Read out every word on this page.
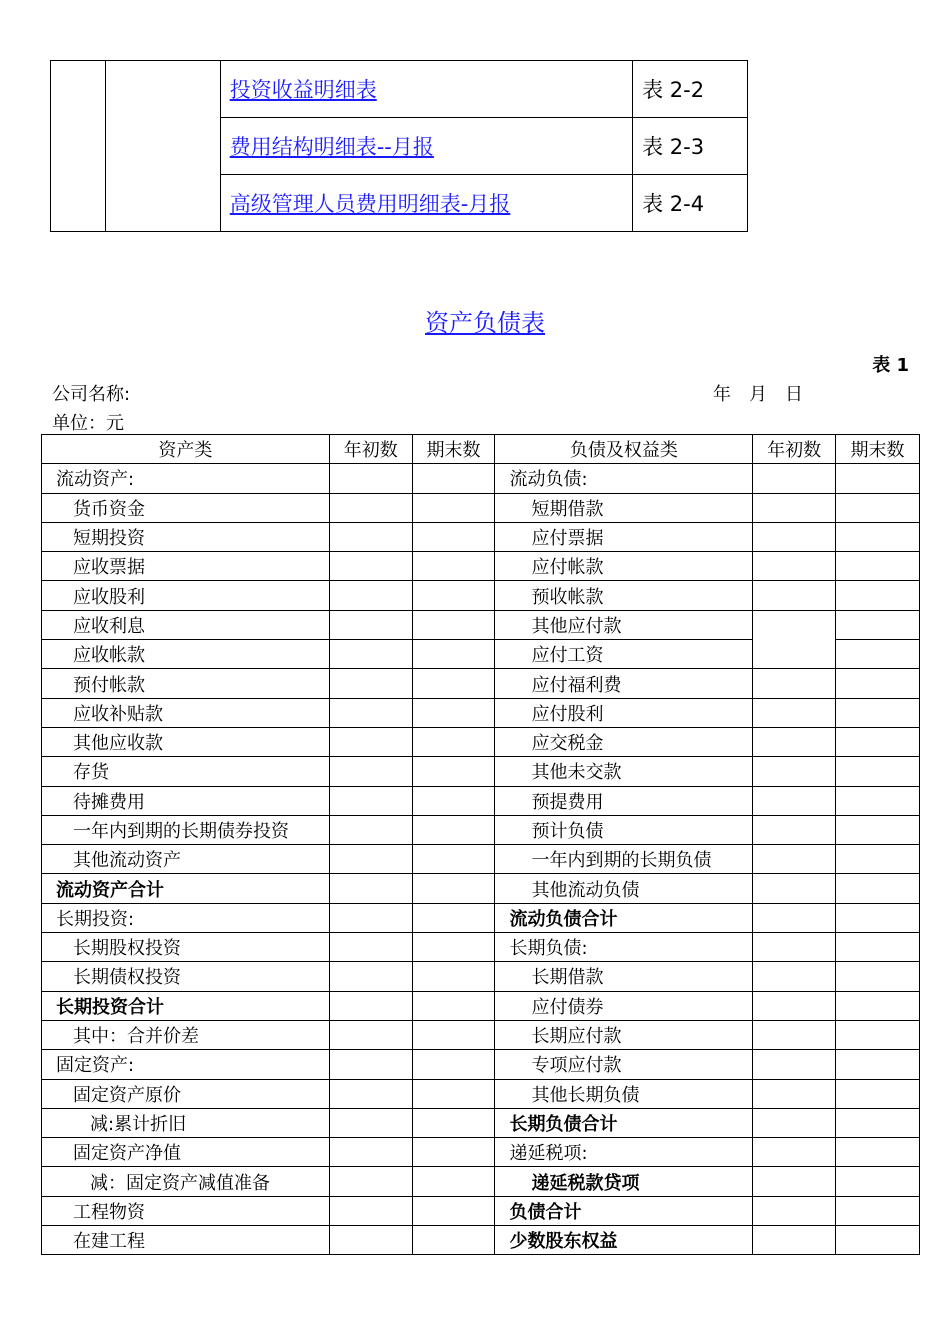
		投资收益明细表	表 2-2
		费用结构明细表--月报	表 2-3
		高级管理人员费用明细表-月报	表 2-4
资产负债表
表 1
公司名称:	年　月　日
单位：元
资产类	年初数	期末数	负债及权益类	年初数	期末数
流动资产:			流动负债:		
货币资金			短期借款		
短期投资			应付票据		
应收票据			应付帐款		
应收股利			预收帐款		
应收利息			其他应付款		
应收帐款			应付工资		
预付帐款			应付福利费		
应收补贴款			应付股利		
其他应收款			应交税金		
存货			其他未交款		
待摊费用			预提费用		
一年内到期的长期债券投资			预计负债		
其他流动资产			一年内到期的长期负债		
流动资产合计			其他流动负债		
长期投资:			流动负债合计		
长期股权投资			长期负债:		
长期债权投资			长期借款		
长期投资合计			应付债券		
其中：合并价差			长期应付款		
固定资产:			专项应付款		
固定资产原价			其他长期负债		
减:累计折旧			长期负债合计		
固定资产净值			递延税项:		
减：固定资产减值准备			递延税款贷项		
工程物资			负债合计		
在建工程			少数股东权益		
